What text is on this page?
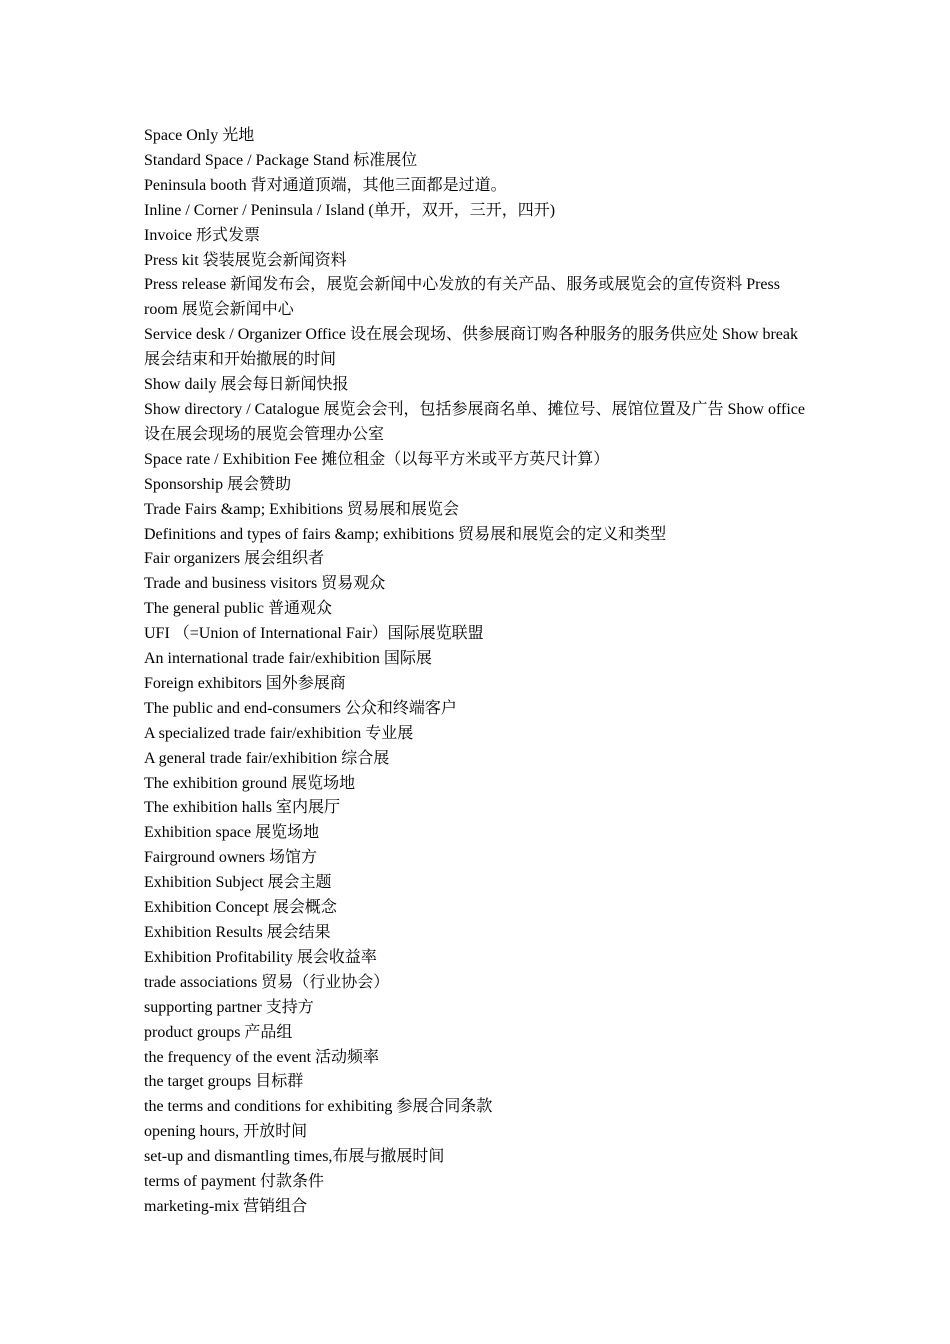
Space Only 光地

Standard Space / Package Stand 标准展位

Peninsula booth 背对通道顶端，其他三面都是过道。

Inline / Corner / Peninsula / Island (单开，双开，三开，四开)

Invoice 形式发票

Press kit 袋装展览会新闻资料

Press release 新闻发布会，展览会新闻中心发放的有关产品、服务或展览会的宣传资料 Press room 展览会新闻中心

Service desk / Organizer Office 设在展会现场、供参展商订购各种服务的服务供应处 Show break 展会结束和开始撤展的时间

Show daily 展会每日新闻快报

Show directory / Catalogue 展览会会刊，包括参展商名单、摊位号、展馆位置及广告 Show office 设在展会现场的展览会管理办公室

Space rate / Exhibition Fee 摊位租金（以每平方米或平方英尺计算）

Sponsorship 展会赞助

Trade Fairs &amp; Exhibitions 贸易展和展览会

Definitions and types of fairs &amp; exhibitions 贸易展和展览会的定义和类型

Fair organizers 展会组织者

Trade and business visitors 贸易观众

The general public 普通观众

UFI （=Union of International Fair）国际展览联盟

An international trade fair/exhibition 国际展

Foreign exhibitors 国外参展商

The public and end-consumers 公众和终端客户

A specialized trade fair/exhibition 专业展

A general trade fair/exhibition 综合展

The exhibition ground 展览场地

The exhibition halls 室内展厅

Exhibition space 展览场地

Fairground owners 场馆方

Exhibition Subject 展会主题

Exhibition Concept 展会概念

Exhibition Results 展会结果

Exhibition Profitability 展会收益率

trade associations 贸易（行业协会）

supporting partner 支持方

product groups 产品组

the frequency of the event 活动频率

the target groups 目标群

the terms and conditions for exhibiting 参展合同条款

opening hours, 开放时间

set-up and dismantling times,布展与撤展时间

terms of payment 付款条件

marketing-mix 营销组合
